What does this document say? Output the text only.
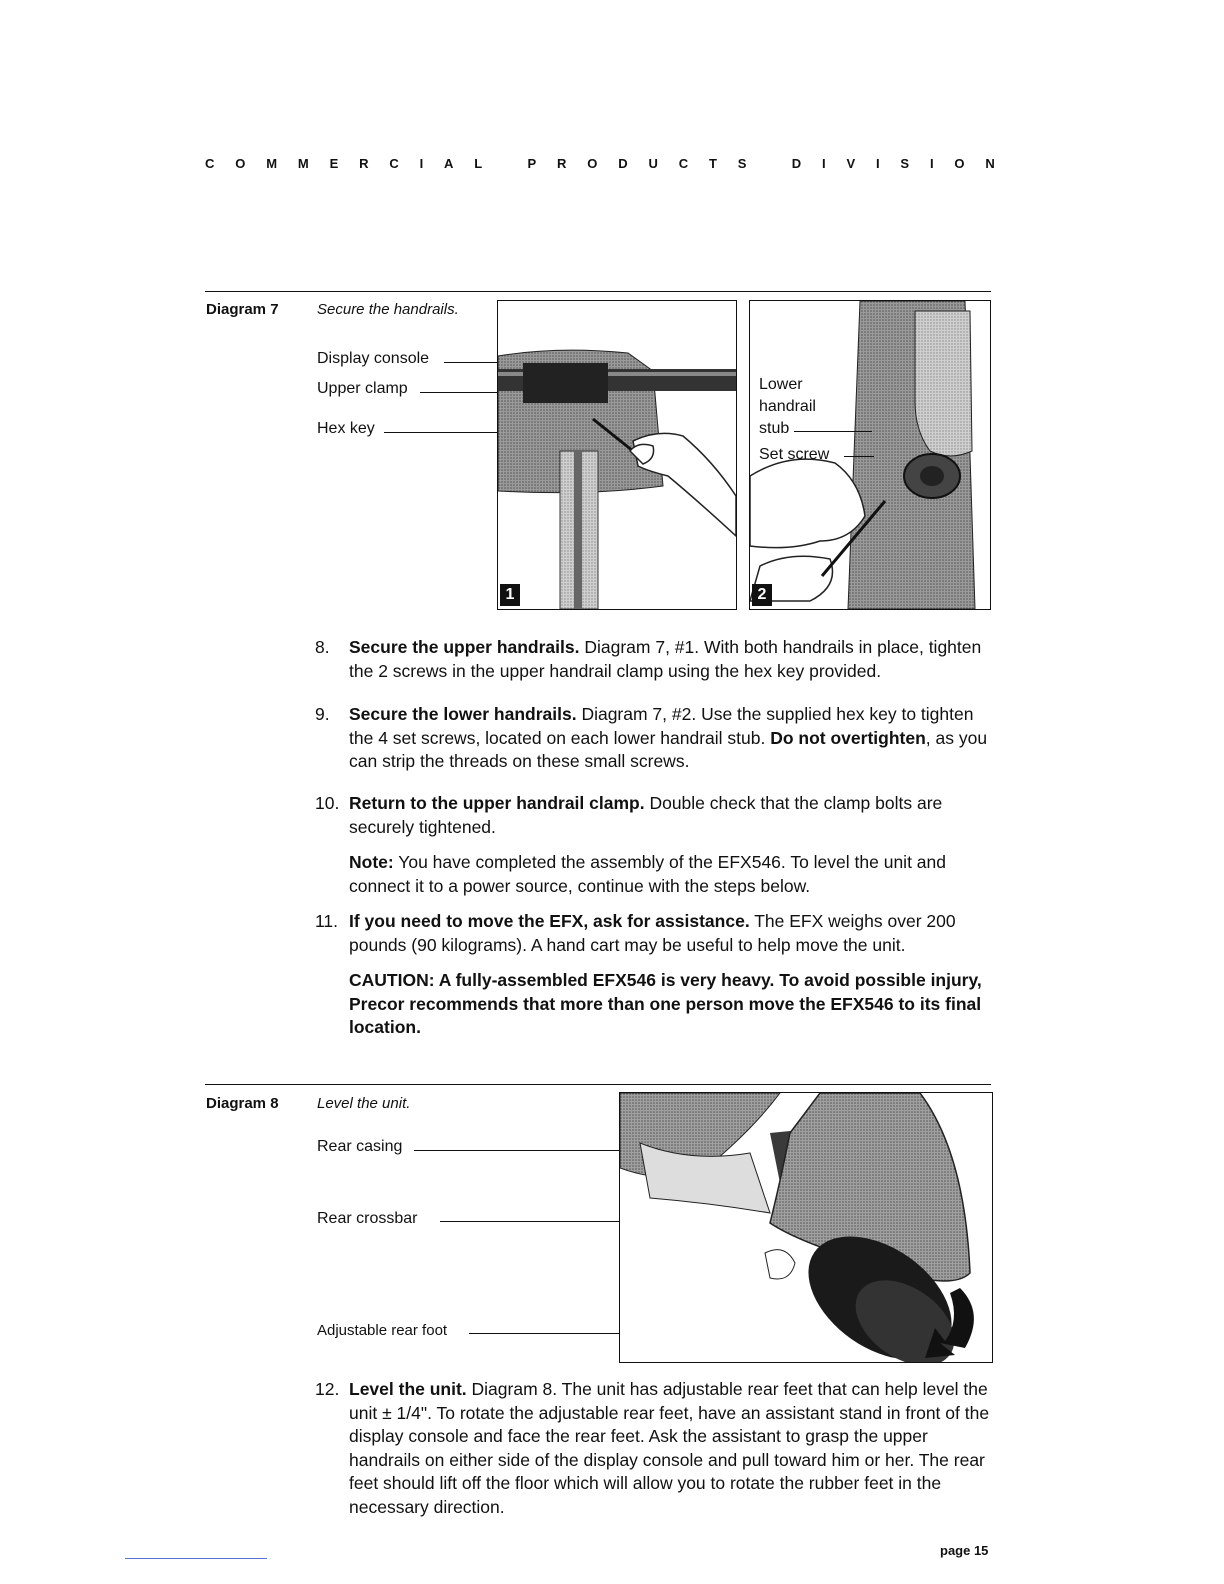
C O M M E R C I A L
	P R O D U C T S
	D I V I S I O N
Diagram 7	Secure the handrails.
Display console
Upper clamp
Hex key
1
Lower
handrail
stub
Set screw
2
8. Secure the upper handrails. Diagram 7, #1. With both handrails in place, tighten the 2 screws in the upper handrail clamp using the hex key provided.
9. Secure the lower handrails. Diagram 7, #2. Use the supplied hex key to tighten the 4 set screws, located on each lower handrail stub. Do not overtighten, as you can strip the threads on these small screws.
10. Return to the upper handrail clamp. Double check that the clamp bolts are securely tightened.
Note: You have completed the assembly of the EFX546. To level the unit and connect it to a power source, continue with the steps below.
11. If you need to move the EFX, ask for assistance. The EFX weighs over 200 pounds (90 kilograms). A hand cart may be useful to help move the unit.
CAUTION: A fully-assembled EFX546 is very heavy. To avoid possible injury, Precor recommends that more than one person move the EFX546 to its final location.
Diagram 8	Level the unit.
Rear casing
Rear crossbar
Adjustable rear foot
12. Level the unit. Diagram 8. The unit has adjustable rear feet that can help level the unit ± 1/4". To rotate the adjustable rear feet, have an assistant stand in front of the display console and face the rear feet. Ask the assistant to grasp the upper handrails on either side of the display console and pull toward him or her. The rear feet should lift off the floor which will allow you to rotate the rubber feet in the necessary direction.
page 15
